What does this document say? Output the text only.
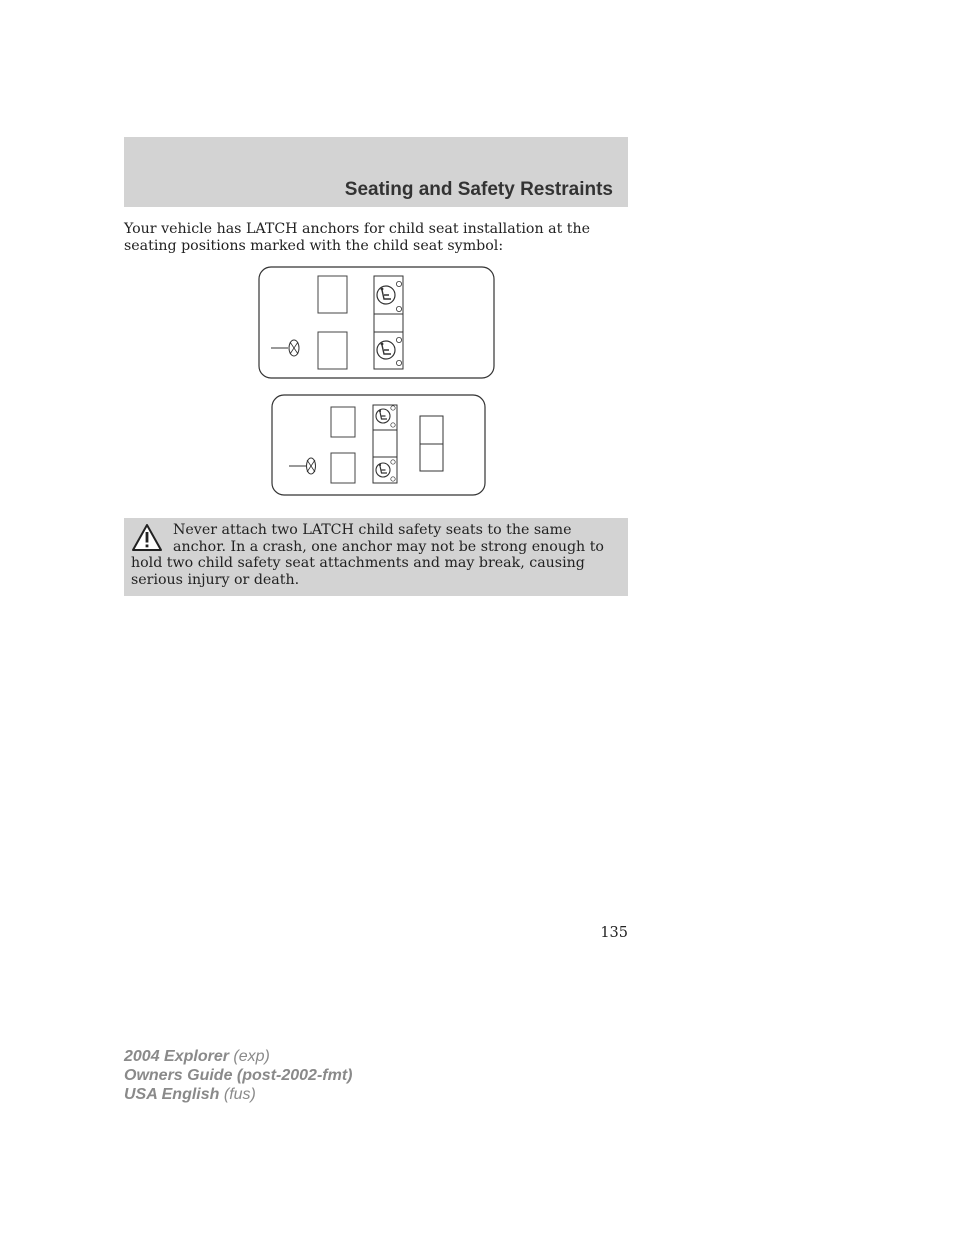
Seating and Safety Restraints
Your vehicle has LATCH anchors for child seat installation at the seating positions marked with the child seat symbol:
Never attach two LATCH child safety seats to the same anchor. In a crash, one anchor may not be strong enough to hold two child safety seat attachments and may break, causing serious injury or death.
135
2004 Explorer (exp)
Owners Guide (post-2002-fmt)
USA English (fus)
